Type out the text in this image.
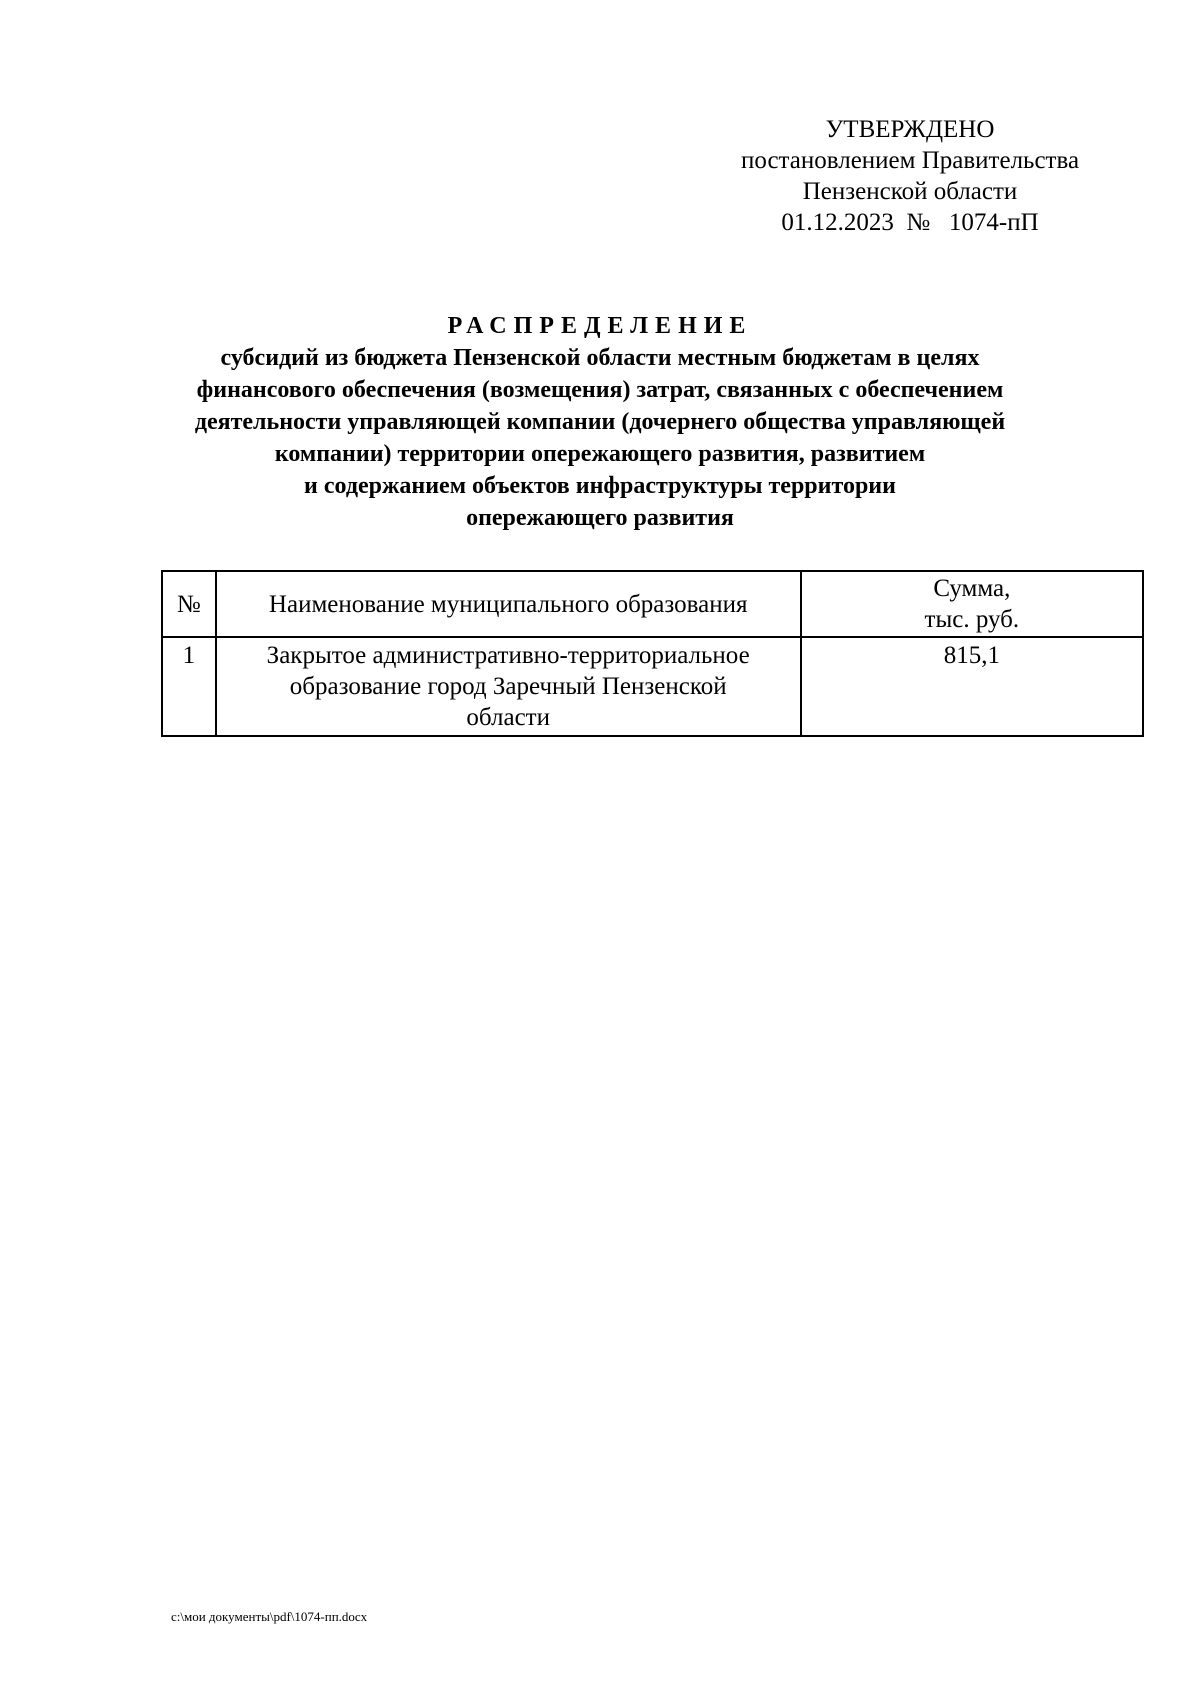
УТВЕРЖДЕНО
постановлением Правительства
Пензенской области
01.12.2023  №   1074-пП
РАСПРЕДЕЛЕНИЕ
субсидий из бюджета Пензенской области местным бюджетам в целях
финансового обеспечения (возмещения) затрат, связанных с обеспечением
деятельности управляющей компании (дочернего общества управляющей
компании) территории опережающего развития, развитием
и содержанием объектов инфраструктуры территории
опережающего развития
№	Наименование муниципального образования	Сумма,
тыс. руб.

1	Закрытое административно-территориальное
образование город Заречный Пензенской
области	815,1
c:\мои документы\pdf\1074-пп.docx
